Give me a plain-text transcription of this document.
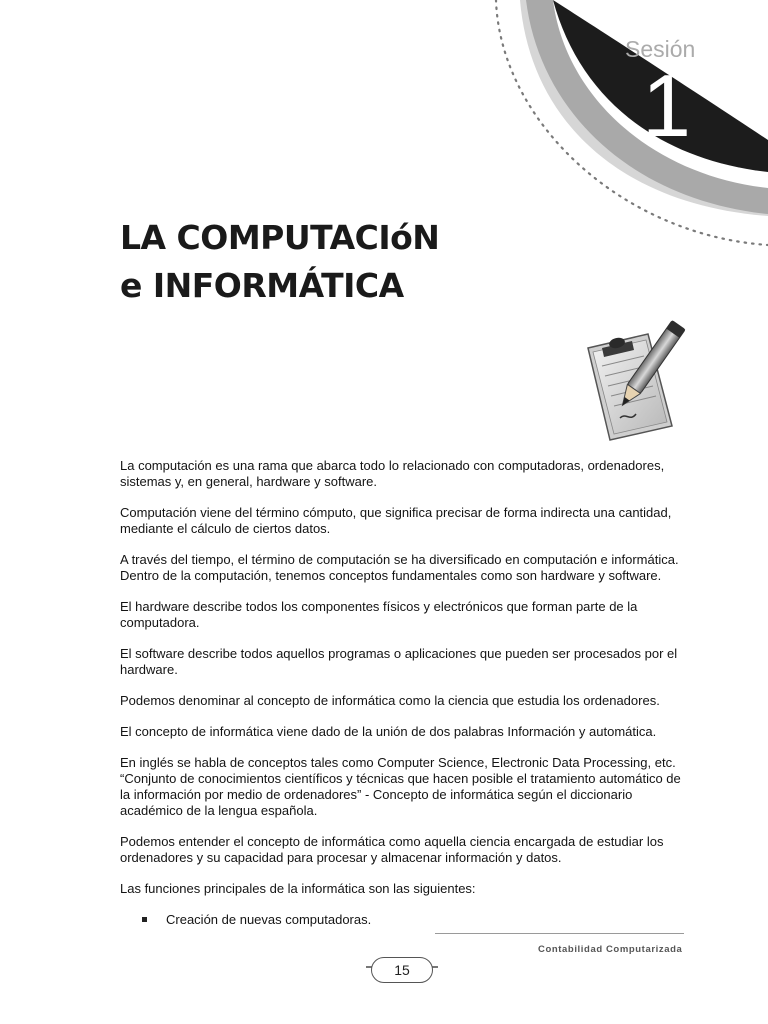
Sesión
1
LA COMPUTACIóN
e INFORMÁTICA

La computación es una rama que abarca todo lo relacionado con computadoras, ordenadores, sistemas y, en general, hardware y software.

Computación viene del término cómputo, que significa precisar de forma indirecta una cantidad, mediante el cálculo de ciertos datos.

A través del tiempo, el término de computación se ha diversificado en computación e informática. Dentro de la computación, tenemos conceptos fundamentales como son hardware y software.

El hardware describe todos los componentes físicos y electrónicos que forman parte de la computadora.

El software describe todos aquellos programas o aplicaciones que pueden ser procesados por el hardware.

Podemos denominar al concepto de informática como la ciencia que estudia los ordenadores.

El concepto de informática viene dado de la unión de dos palabras Información y automática.

En inglés se habla de conceptos tales como Computer Science, Electronic Data Processing, etc. “Conjunto de conocimientos científicos y técnicas que hacen posible el tratamiento automático de la información por medio de ordenadores” - Concepto de informática según el diccionario académico de la lengua española.

Podemos entender el concepto de informática como aquella ciencia encargada de estudiar los ordenadores y su capacidad para procesar y almacenar información y datos.

Las funciones principales de la informática son las siguientes:

Creación de nuevas computadoras.
Contabilidad Computarizada
15
